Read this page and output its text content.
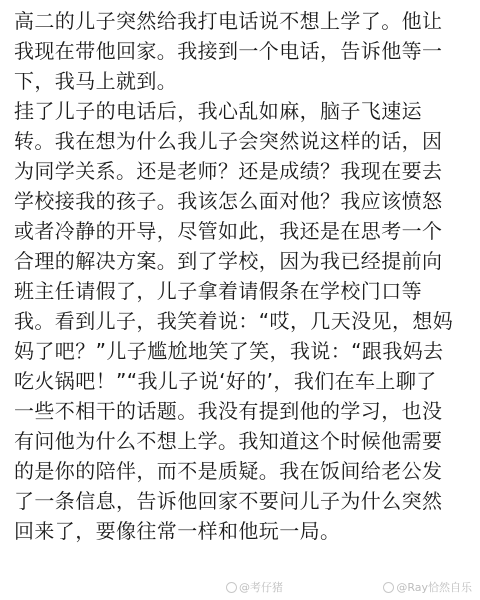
高二的儿子突然给我打电话说不想上学了。他让
我现在带他回家。我接到一个电话，告诉他等一
下，我马上就到。

挂了儿子的电话后，我心乱如麻，脑子飞速运
转。我在想为什么我儿子会突然说这样的话，因
为同学关系。还是老师？还是成绩？我现在要去
学校接我的孩子。我该怎么面对他？我应该愤怒
或者冷静的开导，尽管如此，我还是在思考一个
合理的解决方案。到了学校，因为我已经提前向
班主任请假了，儿子拿着请假条在学校门口等
我。看到儿子，我笑着说：“哎，几天没见，想妈
妈了吧？”儿子尴尬地笑了笑，我说：“跟我妈去
吃火锅吧！”“我儿子说‘好的’，我们在车上聊了
一些不相干的话题。我没有提到他的学习，也没
有问他为什么不想上学。我知道这个时候他需要
的是你的陪伴，而不是质疑。我在饭间给老公发
了一条信息，告诉他回家不要问儿子为什么突然
回来了，要像往常一样和他玩一局。

@考仔猪	@Ray恰然自乐
